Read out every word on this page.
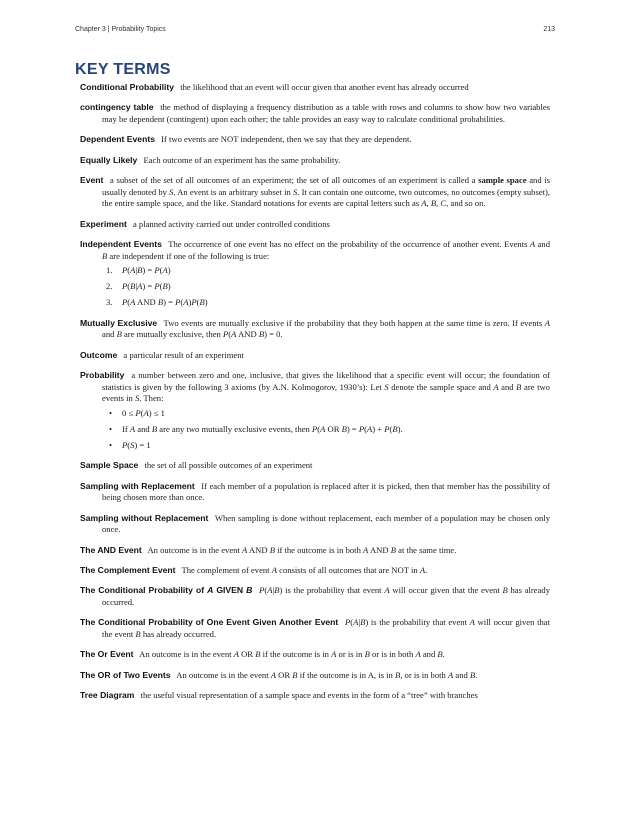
Chapter 3 | Probability Topics	213
KEY TERMS

Conditional Probability the likelihood that an event will occur given that another event has already occurred

contingency table the method of displaying a frequency distribution as a table with rows and columns to show how two variables may be dependent (contingent) upon each other; the table provides an easy way to calculate conditional probabilities.

Dependent Events If two events are NOT independent, then we say that they are dependent.

Equally Likely Each outcome of an experiment has the same probability.

Event a subset of the set of all outcomes of an experiment; the set of all outcomes of an experiment is called a sample space and is usually denoted by S. An event is an arbitrary subset in S. It can contain one outcome, two outcomes, no outcomes (empty subset), the entire sample space, and the like. Standard notations for events are capital letters such as A, B, C, and so on.

Experiment a planned activity carried out under controlled conditions

Independent Events The occurrence of one event has no effect on the probability of the occurrence of another event. Events A and B are independent if one of the following is true:
1. P(A|B) = P(A)
2. P(B|A) = P(B)
3. P(A AND B) = P(A)P(B)

Mutually Exclusive Two events are mutually exclusive if the probability that they both happen at the same time is zero. If events A and B are mutually exclusive, then P(A AND B) = 0.

Outcome a particular result of an experiment

Probability a number between zero and one, inclusive, that gives the likelihood that a specific event will occur; the foundation of statistics is given by the following 3 axioms (by A.N. Kolmogorov, 1930’s): Let S denote the sample space and A and B are two events in S. Then:
• 0 ≤ P(A) ≤ 1
• If A and B are any two mutually exclusive events, then P(A OR B) = P(A) + P(B).
• P(S) = 1

Sample Space the set of all possible outcomes of an experiment

Sampling with Replacement If each member of a population is replaced after it is picked, then that member has the possibility of being chosen more than once.

Sampling without Replacement When sampling is done without replacement, each member of a population may be chosen only once.

The AND Event An outcome is in the event A AND B if the outcome is in both A AND B at the same time.

The Complement Event The complement of event A consists of all outcomes that are NOT in A.

The Conditional Probability of A GIVEN B P(A|B) is the probability that event A will occur given that the event B has already occurred.

The Conditional Probability of One Event Given Another Event P(A|B) is the probability that event A will occur given that the event B has already occurred.

The Or Event An outcome is in the event A OR B if the outcome is in A or is in B or is in both A and B.

The OR of Two Events An outcome is in the event A OR B if the outcome is in A, is in B, or is in both A and B.

Tree Diagram the useful visual representation of a sample space and events in the form of a “tree” with branches
